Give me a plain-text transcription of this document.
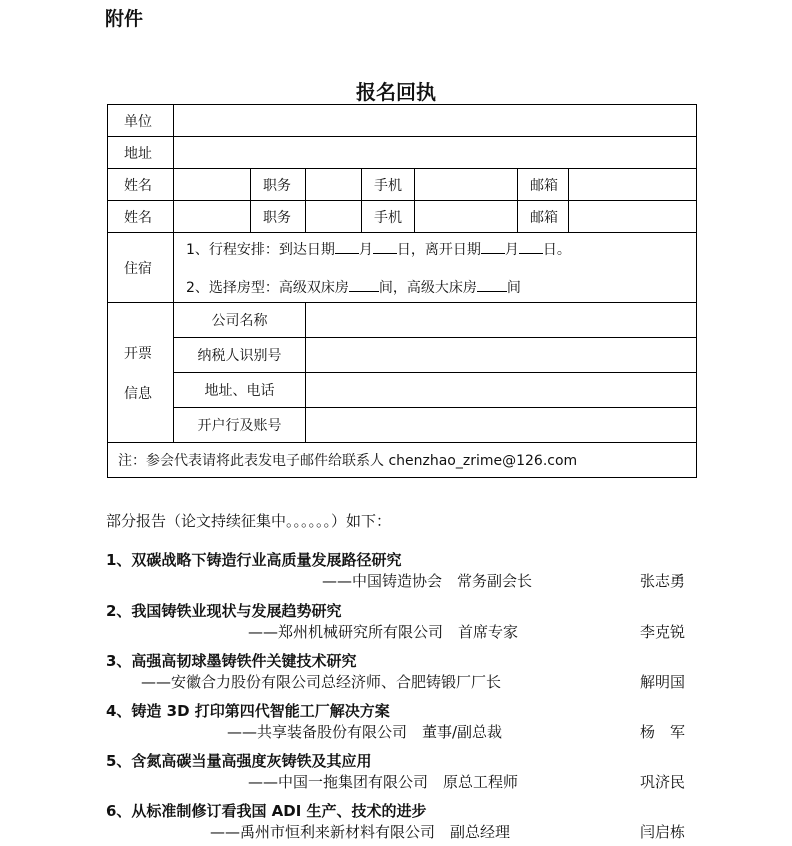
附件
报名回执
单位							
地址							
姓名		职务		手机		邮箱	
姓名		职务		手机		邮箱	
住宿	1、行程安排：到达日期 月 日，离开日期 月 日。
2、选择房型：高级双床房 间，高级大床房 间						

开票
信息	公司名称						
	纳税人识别号						
	地址、电话						
	开户行及账号						
注：参会代表请将此表发电子邮件给联系人 chenzhao_zrime@126.com							
部分报告（论文持续征集中。。。。。。）如下：
1、双碳战略下铸造行业高质量发展路径研究
——中国铸造协会　常务副会长	张志勇
2、我国铸铁业现状与发展趋势研究
——郑州机械研究所有限公司　首席专家	李克锐
3、高强高韧球墨铸铁件关键技术研究
——安徽合力股份有限公司总经济师、合肥铸锻厂厂长	解明国
4、铸造 3D 打印第四代智能工厂解决方案
——共享装备股份有限公司　董事/副总裁	杨　军
5、含氮高碳当量高强度灰铸铁及其应用
——中国一拖集团有限公司　原总工程师	巩济民
6、从标准制修订看我国 ADI 生产、技术的进步
——禹州市恒利来新材料有限公司　副总经理	闫启栋
